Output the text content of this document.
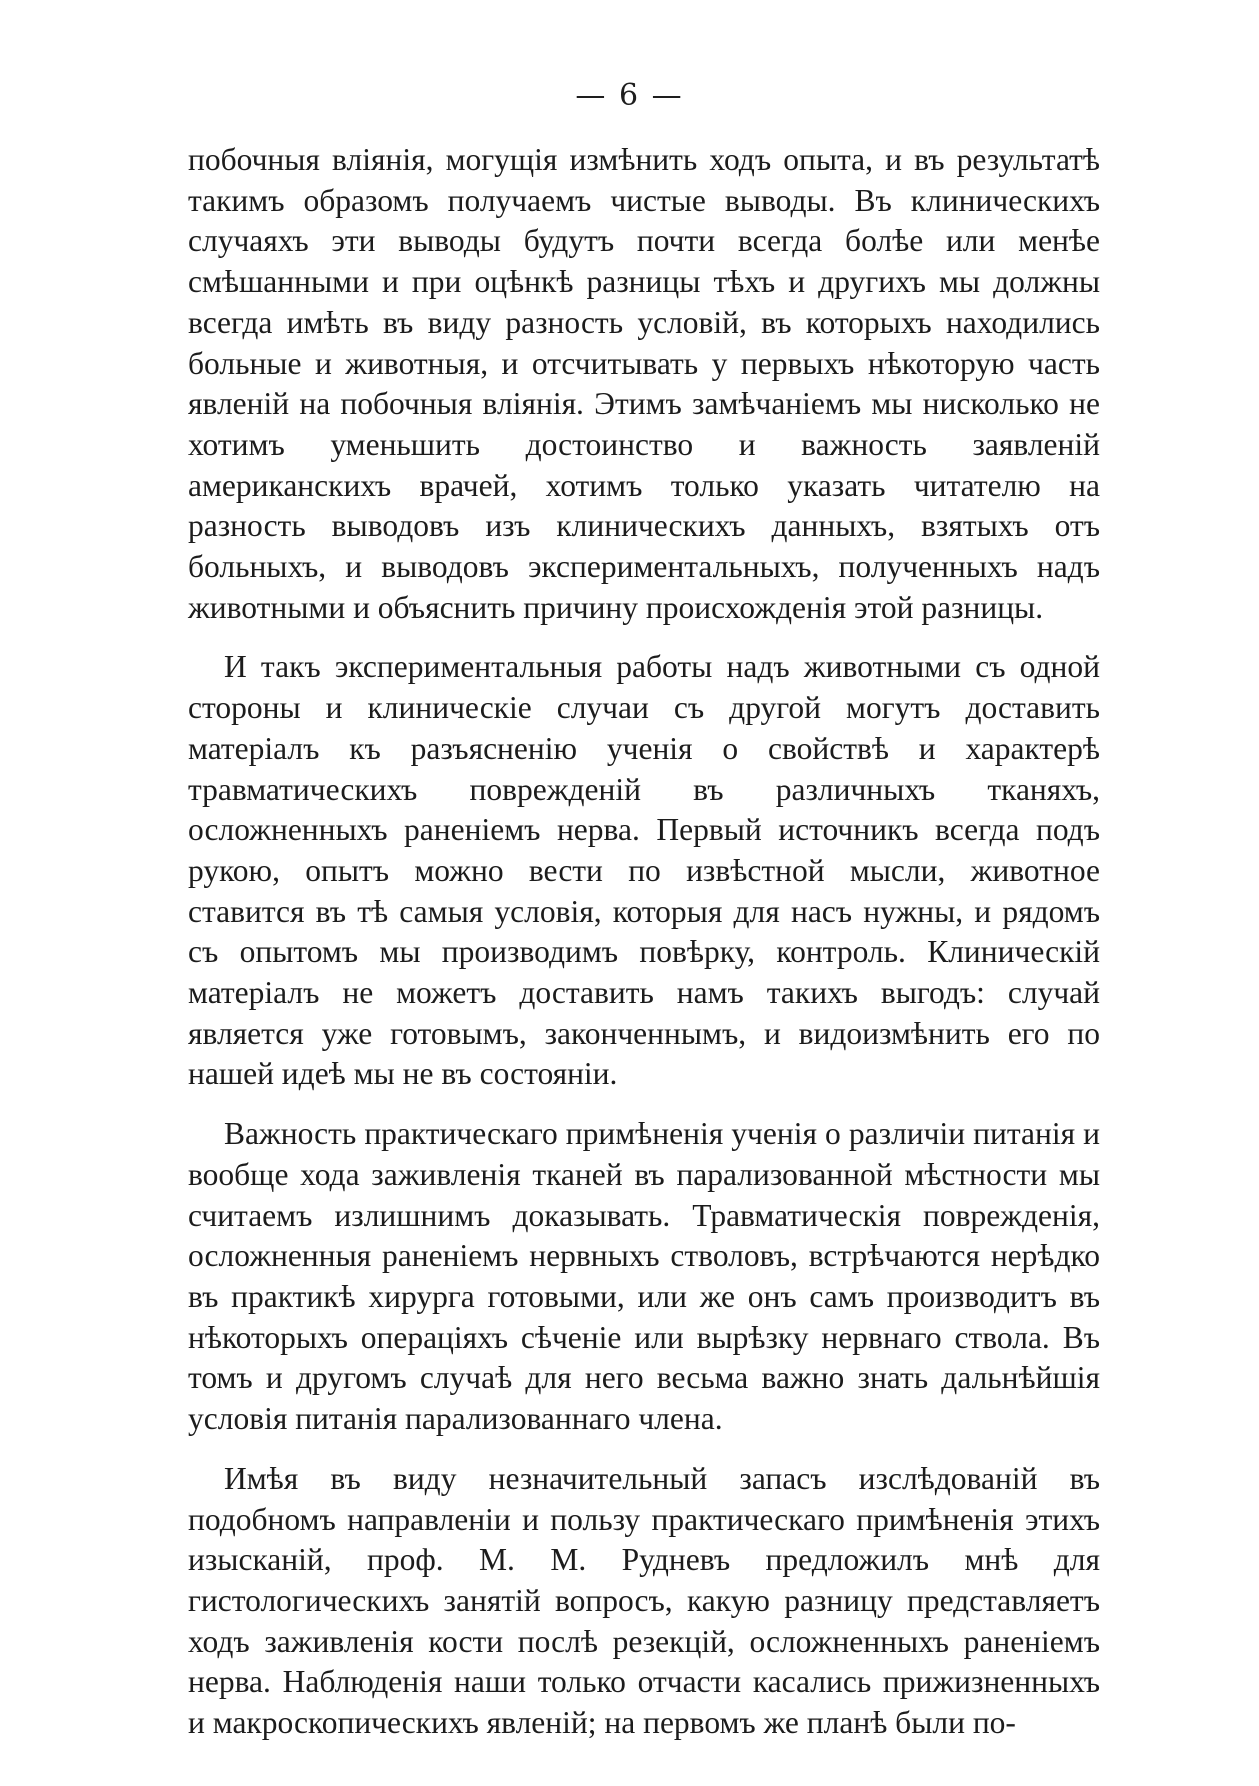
— 6 —

побочныя вліянія, могущія измѣнить ходъ опыта, и въ результатѣ такимъ образомъ получаемъ чистые выводы. Въ клиническихъ случаяхъ эти выводы будутъ почти всегда болѣе или менѣе смѣшанными и при оцѣнкѣ разницы тѣхъ и другихъ мы должны всегда имѣть въ виду разность условій, въ которыхъ находились больные и животныя, и отсчитывать у первыхъ нѣкоторую часть явленій на побочныя вліянія. Этимъ замѣчаніемъ мы нисколько не хотимъ уменьшить достоинство и важность заявленій американскихъ врачей, хотимъ только указать читателю на разность выводовъ изъ клиническихъ данныхъ, взятыхъ отъ больныхъ, и выводовъ экспериментальныхъ, полученныхъ надъ животными и объяснить причину происхожденія этой разницы.

И такъ экспериментальныя работы надъ животными съ одной стороны и клиническіе случаи съ другой могутъ доставить матеріалъ къ разъясненію ученія о свойствѣ и характерѣ травматическихъ поврежденій въ различныхъ тканяхъ, осложненныхъ раненіемъ нерва. Первый источникъ всегда подъ рукою, опытъ можно вести по извѣстной мысли, животное ставится въ тѣ самыя условія, которыя для насъ нужны, и рядомъ съ опытомъ мы производимъ повѣрку, контроль. Клиническій матеріалъ не можетъ доставить намъ такихъ выгодъ: случай является уже готовымъ, законченнымъ, и видоизмѣнить его по нашей идеѣ мы не въ состояніи.

Важность практическаго примѣненія ученія о различіи питанія и вообще хода заживленія тканей въ парализованной мѣстности мы считаемъ излишнимъ доказывать. Травматическія поврежденія, осложненныя раненіемъ нервныхъ стволовъ, встрѣчаются нерѣдко въ практикѣ хирурга готовыми, или же онъ самъ производитъ въ нѣкоторыхъ операціяхъ сѣченіе или вырѣзку нервнаго ствола. Въ томъ и другомъ случаѣ для него весьма важно знать дальнѣйшія условія питанія парализованнаго члена.

Имѣя въ виду незначительный запасъ изслѣдованій въ подобномъ направленіи и пользу практическаго примѣненія этихъ изысканій, проф. М. М. Рудневъ предложилъ мнѣ для гистологическихъ занятій вопросъ, какую разницу представляетъ ходъ заживленія кости послѣ резекцій, осложненныхъ раненіемъ нерва. Наблюденія наши только отчасти касались прижизненныхъ и макроскопическихъ явленій; на первомъ же планѣ были по-
